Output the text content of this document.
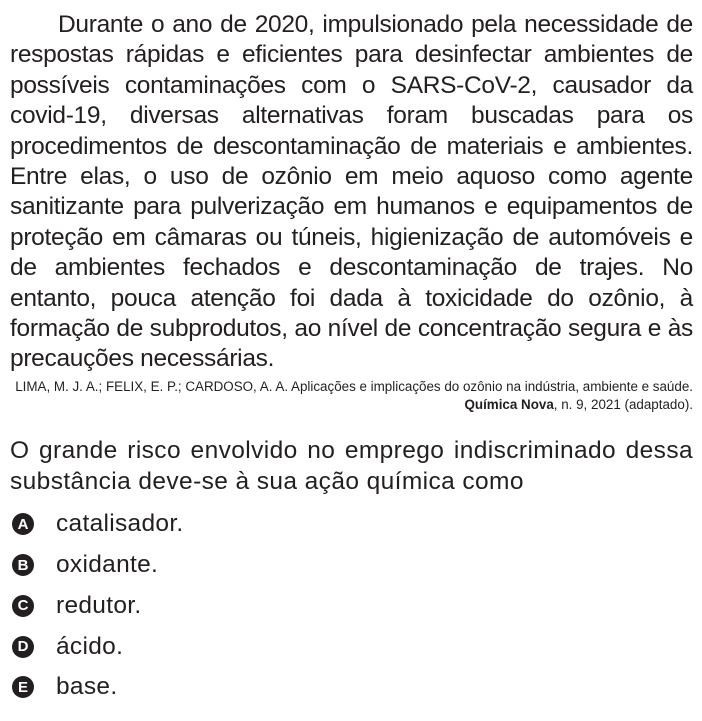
Durante o ano de 2020, impulsionado pela necessidade de respostas rápidas e eficientes para desinfectar ambientes de possíveis contaminações com o SARS-CoV-2, causador da covid-19, diversas alternativas foram buscadas para os procedimentos de descontaminação de materiais e ambientes. Entre elas, o uso de ozônio em meio aquoso como agente sanitizante para pulverização em humanos e equipamentos de proteção em câmaras ou túneis, higienização de automóveis e de ambientes fechados e descontaminação de trajes. No entanto, pouca atenção foi dada à toxicidade do ozônio, à formação de subprodutos, ao nível de concentração segura e às precauções necessárias.

LIMA, M. J. A.; FELIX, E. P.; CARDOSO, A. A. Aplicações e implicações do ozônio na indústria, ambiente e saúde. Química Nova, n. 9, 2021 (adaptado).

O grande risco envolvido no emprego indiscriminado dessa substância deve-se à sua ação química como

A catalisador.
B oxidante.
C redutor.
D ácido.
E base.
